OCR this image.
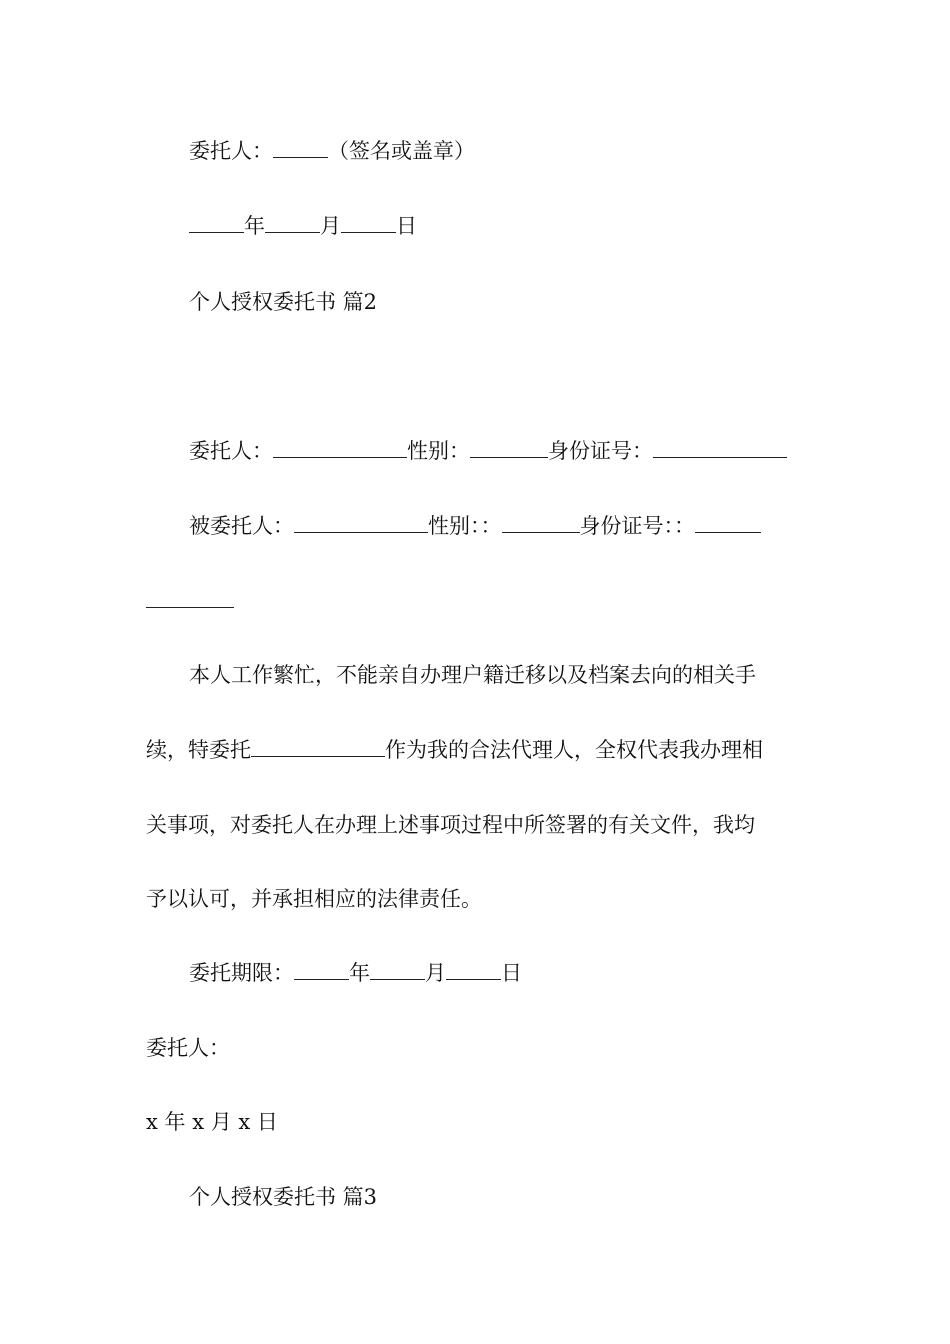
委托人：	（签名或盖章）
年	月	日
个人授权委托书 篇2
委托人：	性别：	身份证号：
被委托人：	性别：：	身份证号：：
本人工作繁忙，不能亲自办理户籍迁移以及档案去向的相关手
续，特委托	作为我的合法代理人，全权代表我办理相
关事项，对委托人在办理上述事项过程中所签署的有关文件，我均
予以认可，并承担相应的法律责任。
委托期限：	年	月	日
委托人：
x 年 x 月 x 日
个人授权委托书 篇3
